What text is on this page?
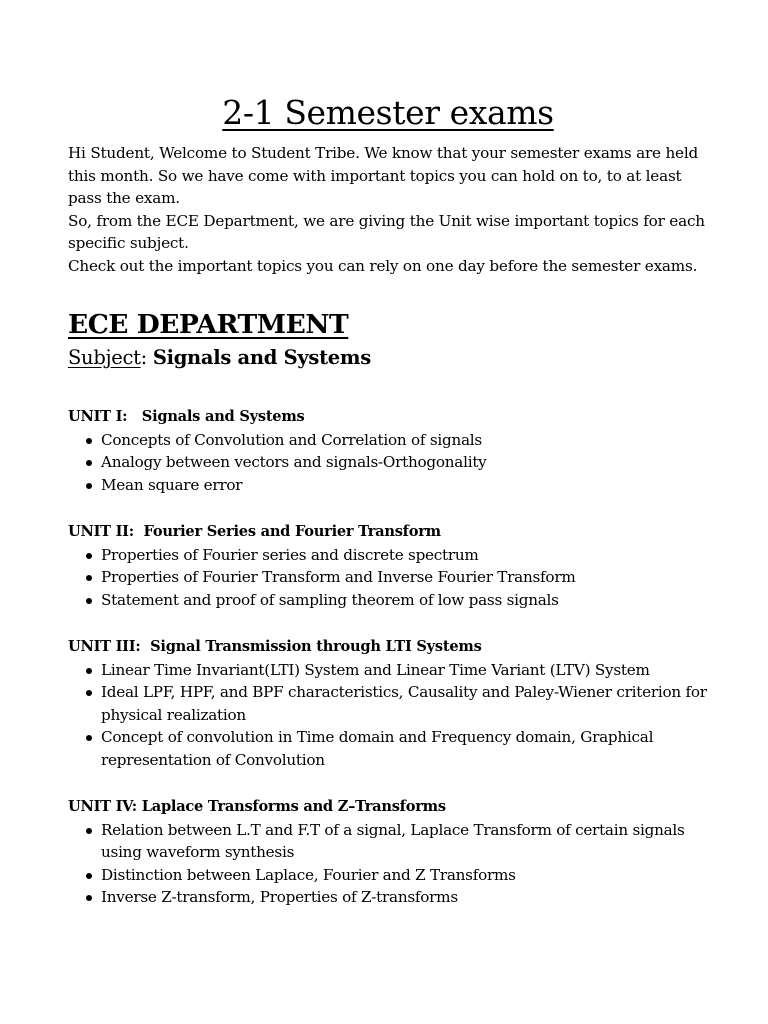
2-1 Semester exams

Hi Student, Welcome to Student Tribe. We know that your semester exams are held this month. So we have come with important topics you can hold on to, to at least pass the exam.

So, from the ECE Department, we are giving the Unit wise important topics for each specific subject.

Check out the important topics you can rely on one day before the semester exams.

ECE DEPARTMENT
Subject: Signals and Systems

UNIT I:   Signals and Systems

Concepts of Convolution and Correlation of signals
Analogy between vectors and signals-Orthogonality
Mean square error

UNIT II:  Fourier Series and Fourier Transform

Properties of Fourier series and discrete spectrum
Properties of Fourier Transform and Inverse Fourier Transform
Statement and proof of sampling theorem of low pass signals

UNIT III:  Signal Transmission through LTI Systems

Linear Time Invariant(LTI) System and Linear Time Variant (LTV) System
Ideal LPF, HPF, and BPF characteristics, Causality and Paley-Wiener criterion for physical realization
Concept of convolution in Time domain and Frequency domain, Graphical representation of Convolution

UNIT IV: Laplace Transforms and Z–Transforms

Relation between L.T and F.T of a signal, Laplace Transform of certain signals using waveform synthesis
Distinction between Laplace, Fourier and Z Transforms
Inverse Z-transform, Properties of Z-transforms
